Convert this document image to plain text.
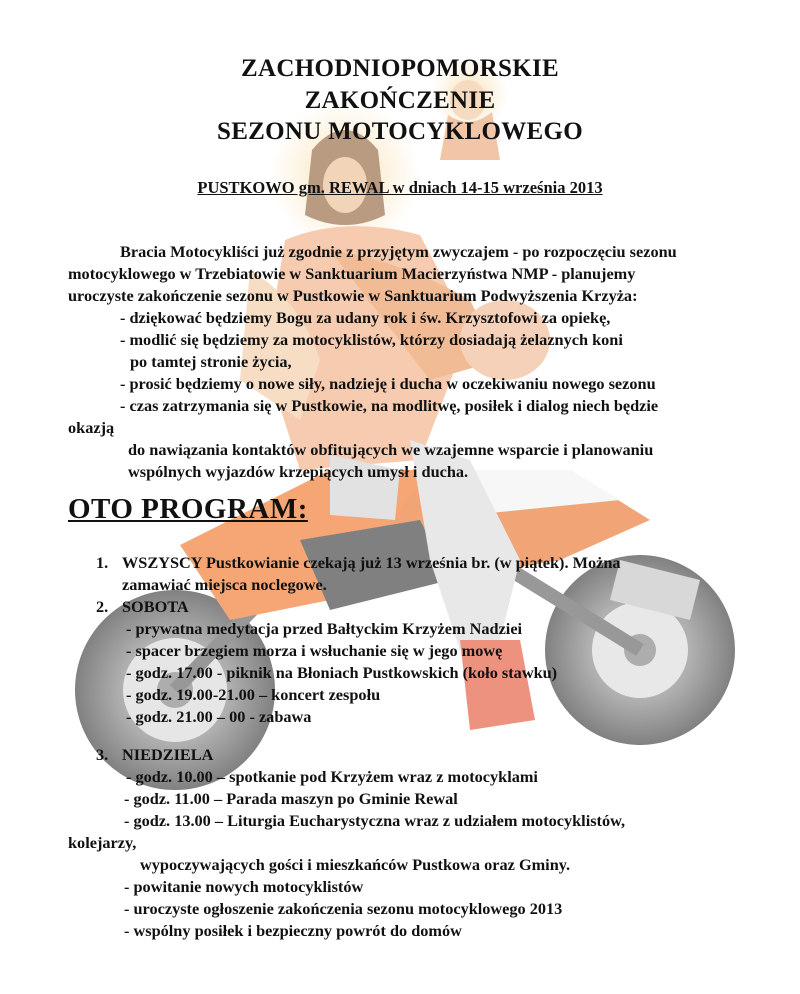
ZACHODNIOPOMORSKIE
ZAKOŃCZENIE
SEZONU MOTOCYKLOWEGO
PUSTKOWO gm. REWAL w dniach 14-15 września 2013
Bracia Motocykliści już zgodnie z przyjętym zwyczajem - po rozpoczęciu sezonu
motocyklowego w Trzebiatowie w Sanktuarium Macierzyństwa NMP - planujemy
uroczyste zakończenie sezonu w Pustkowie w Sanktuarium Podwyższenia Krzyża:
- dziękować będziemy Bogu za udany rok i św. Krzysztofowi za opiekę,
- modlić się będziemy za motocyklistów, którzy dosiadają żelaznych koni
po tamtej stronie życia,
- prosić będziemy o nowe siły, nadzieję i ducha w oczekiwaniu nowego sezonu
- czas zatrzymania się w Pustkowie, na modlitwę, posiłek i dialog niech będzie
okazją
do nawiązania kontaktów obfitujących we wzajemne wsparcie i planowaniu
wspólnych wyjazdów krzepiących umysł i ducha.
OTO PROGRAM:
1. WSZYSCY Pustkowianie czekają już 13 września br. (w piątek). Można
zamawiać miejsca noclegowe.
2. SOBOTA
- prywatna medytacja przed Bałtyckim Krzyżem Nadziei
- spacer brzegiem morza i wsłuchanie się w jego mowę
- godz. 17.00 - piknik na Błoniach Pustkowskich (koło stawku)
- godz. 19.00-21.00 – koncert zespołu
- godz. 21.00 – 00 - zabawa
3. NIEDZIELA
- godz. 10.00 – spotkanie pod Krzyżem wraz z motocyklami
- godz. 11.00 – Parada maszyn po Gminie Rewal
- godz. 13.00 – Liturgia Eucharystyczna wraz z udziałem motocyklistów,
kolejarzy,
wypoczywających gości i mieszkańców Pustkowa oraz Gminy.
- powitanie nowych motocyklistów
- uroczyste ogłoszenie zakończenia sezonu motocyklowego 2013
- wspólny posiłek i bezpieczny powrót do domów
